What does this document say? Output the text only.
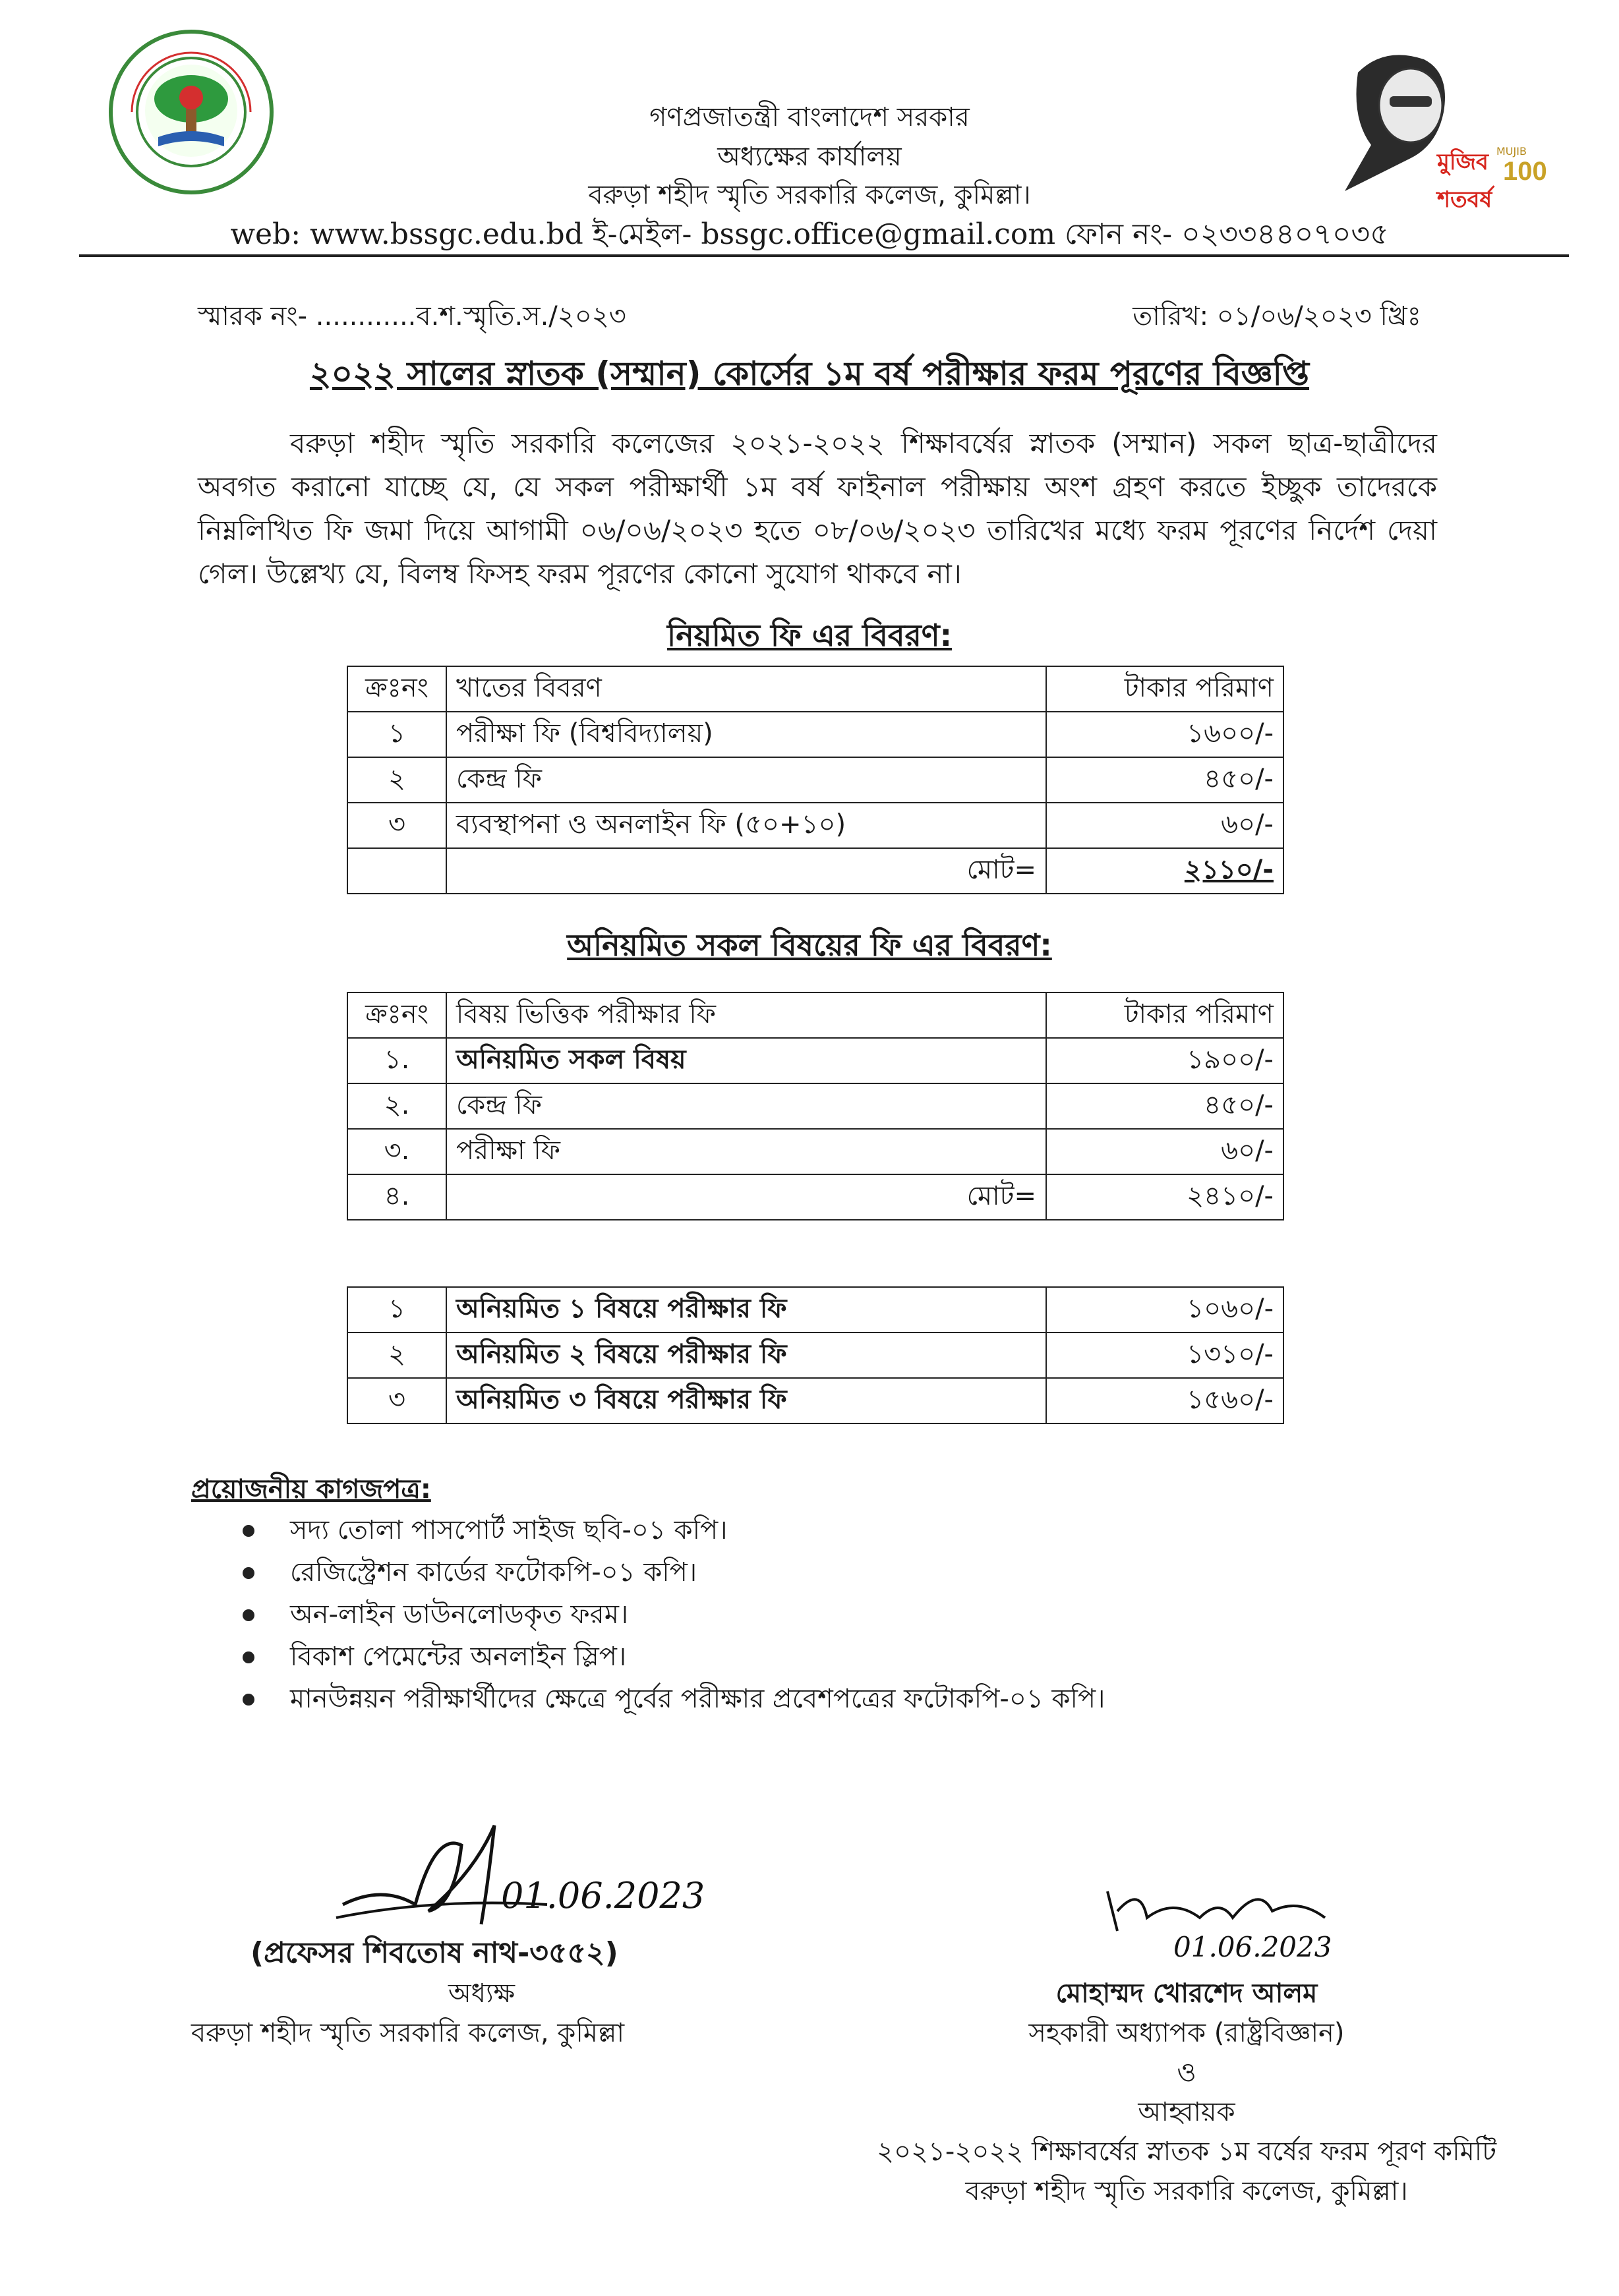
মুজিব শতবর্ষ
MUJIB
100
গণপ্রজাতন্ত্রী বাংলাদেশ সরকার
অধ্যক্ষের কার্যালয়
বরুড়া শহীদ স্মৃতি সরকারি কলেজ, কুমিল্লা।
web: www.bssgc.edu.bd ই-মেইল- bssgc.office@gmail.com ফোন নং- ০২৩৩৪৪০৭০৩৫
স্মারক নং- ............ব.শ.স্মৃতি.স./২০২৩	তারিখ: ০১/০৬/২০২৩ খ্রিঃ
২০২২ সালের স্নাতক (সম্মান) কোর্সের ১ম বর্ষ পরীক্ষার ফরম পূরণের বিজ্ঞপ্তি

বরুড়া শহীদ স্মৃতি সরকারি কলেজের ২০২১-২০২২ শিক্ষাবর্ষের স্নাতক (সম্মান) সকল ছাত্র-ছাত্রীদের অবগত করানো যাচ্ছে যে, যে সকল পরীক্ষার্থী ১ম বর্ষ ফাইনাল পরীক্ষায় অংশ গ্রহণ করতে ইচ্ছুক তাদেরকে নিম্নলিখিত ফি জমা দিয়ে আগামী ০৬/০৬/২০২৩ হতে ০৮/০৬/২০২৩ তারিখের মধ্যে ফরম পূরণের নির্দেশ দেয়া গেল। উল্লেখ্য যে, বিলম্ব ফিসহ ফরম পূরণের কোনো সুযোগ থাকবে না।

নিয়মিত ফি এর বিবরণ:
ক্রঃনং	খাতের বিবরণ	টাকার পরিমাণ
১	পরীক্ষা ফি (বিশ্ববিদ্যালয়)	১৬০০/-
২	কেন্দ্র ফি	৪৫০/-
৩	ব্যবস্থাপনা ও অনলাইন ফি (৫০+১০)	৬০/-
	মোট=	২১১০/-
অনিয়মিত সকল বিষয়ের ফি এর বিবরণ:
ক্রঃনং	বিষয় ভিত্তিক পরীক্ষার ফি	টাকার পরিমাণ
১.	অনিয়মিত সকল বিষয়	১৯০০/-
২.	কেন্দ্র ফি	৪৫০/-
৩.	পরীক্ষা ফি	৬০/-
৪.	মোট=	২৪১০/-
১	অনিয়মিত ১ বিষয়ে পরীক্ষার ফি	১০৬০/-
২	অনিয়মিত ২ বিষয়ে পরীক্ষার ফি	১৩১০/-
৩	অনিয়মিত ৩ বিষয়ে পরীক্ষার ফি	১৫৬০/-
প্রয়োজনীয় কাগজপত্র:
সদ্য তোলা পাসপোর্ট সাইজ ছবি-০১ কপি।
রেজিস্ট্রেশন কার্ডের ফটোকপি-০১ কপি।
অন-লাইন ডাউনলোডকৃত ফরম।
বিকাশ পেমেন্টের অনলাইন স্লিপ।
মানউন্নয়ন পরীক্ষার্থীদের ক্ষেত্রে পূর্বের পরীক্ষার প্রবেশপত্রের ফটোকপি-০১ কপি।
01.06.2023
(প্রফেসর শিবতোষ নাথ-৩৫৫২)
অধ্যক্ষ
বরুড়া শহীদ স্মৃতি সরকারি কলেজ, কুমিল্লা
01.06.2023
মোহাম্মদ খোরশেদ আলম
সহকারী অধ্যাপক (রাষ্ট্রবিজ্ঞান)
ও
আহ্বায়ক
২০২১-২০২২ শিক্ষাবর্ষের স্নাতক ১ম বর্ষের ফরম পূরণ কমিটি
বরুড়া শহীদ স্মৃতি সরকারি কলেজ, কুমিল্লা।
